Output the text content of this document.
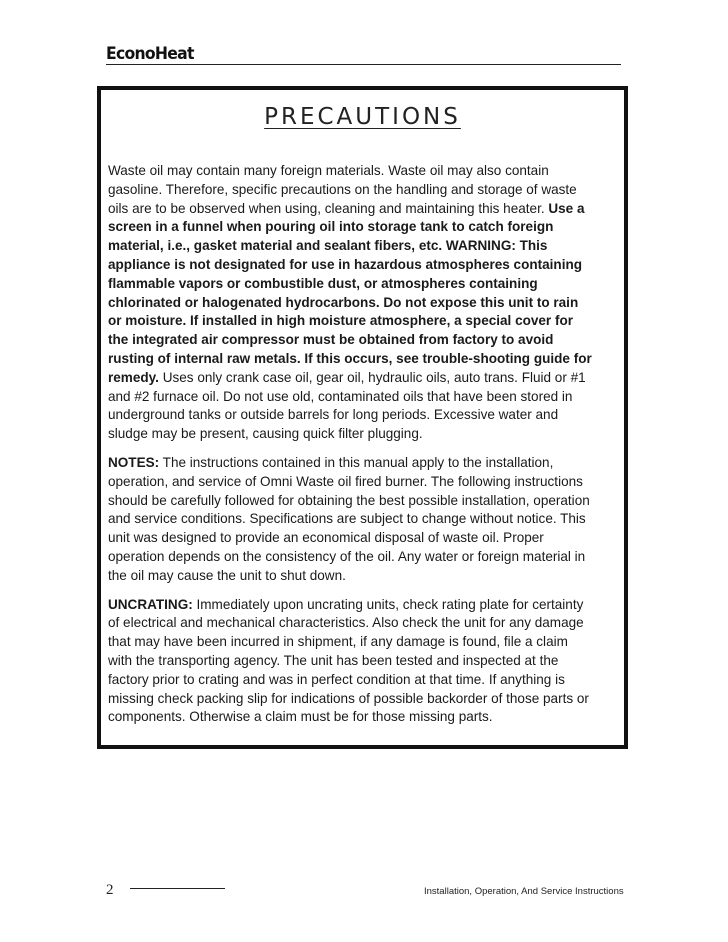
EconoHeat
PRECAUTIONS
Waste oil may contain many foreign materials. Waste oil may also contain
gasoline. Therefore, specific precautions on the handling and storage of waste
oils are to be observed when using, cleaning and maintaining this heater. Use a
screen in a funnel when pouring oil into storage tank to catch foreign
material, i.e., gasket material and sealant fibers, etc. WARNING: This
appliance is not designated for use in hazardous atmospheres containing
flammable vapors or combustible dust, or atmospheres containing
chlorinated or halogenated hydrocarbons. Do not expose this unit to rain
or moisture. If installed in high moisture atmosphere, a special cover for
the integrated air compressor must be obtained from factory to avoid
rusting of internal raw metals. If this occurs, see trouble-shooting guide for
remedy. Uses only crank case oil, gear oil, hydraulic oils, auto trans. Fluid or #1
and #2 furnace oil. Do not use old, contaminated oils that have been stored in
underground tanks or outside barrels for long periods. Excessive water and
sludge may be present, causing quick filter plugging.
NOTES: The instructions contained in this manual apply to the installation,
operation, and service of Omni Waste oil fired burner. The following instructions
should be carefully followed for obtaining the best possible installation, operation
and service conditions. Specifications are subject to change without notice. This
unit was designed to provide an economical disposal of waste oil. Proper
operation depends on the consistency of the oil. Any water or foreign material in
the oil may cause the unit to shut down.
UNCRATING: Immediately upon uncrating units, check rating plate for certainty
of electrical and mechanical characteristics. Also check the unit for any damage
that may have been incurred in shipment, if any damage is found, file a claim
with the transporting agency. The unit has been tested and inspected at the
factory prior to crating and was in perfect condition at that time. If anything is
missing check packing slip for indications of possible backorder of those parts or
components. Otherwise a claim must be for those missing parts.
2	Installation, Operation, And Service Instructions
